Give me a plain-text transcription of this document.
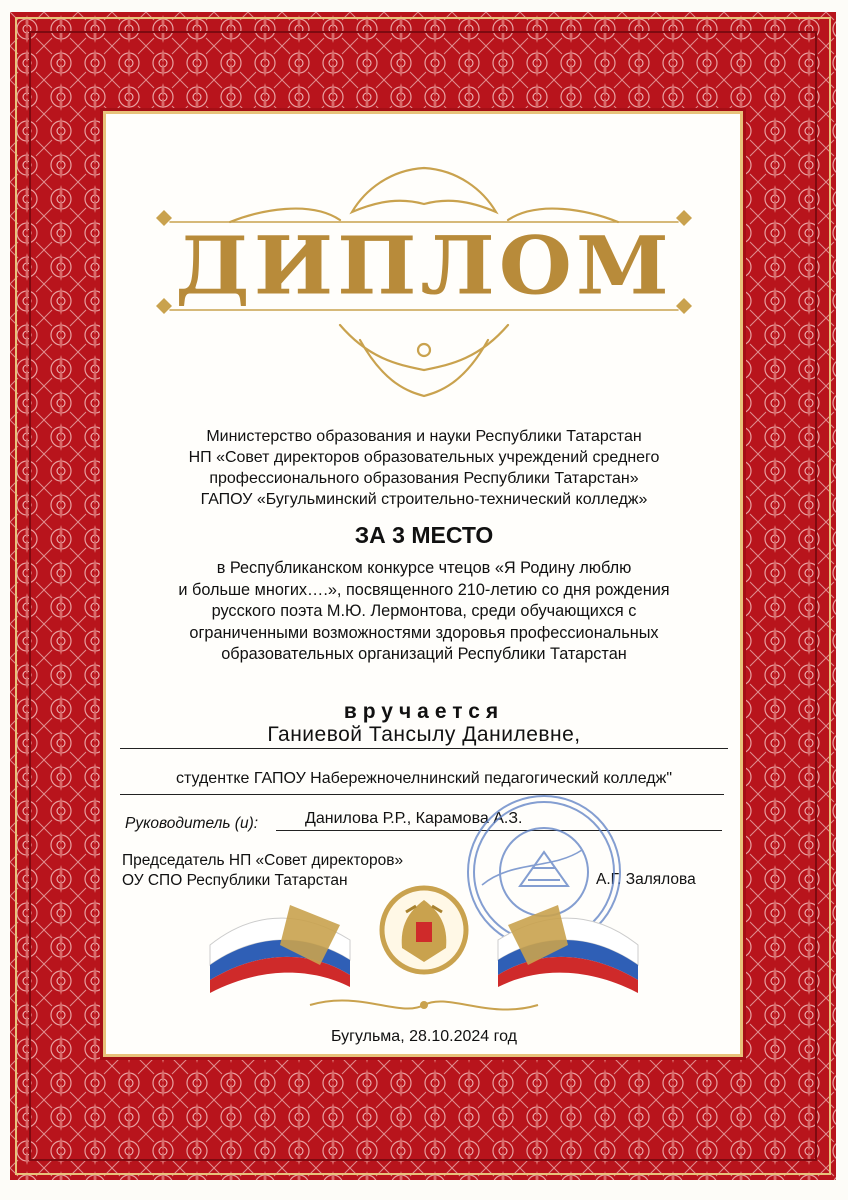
ДИПЛОМ
Министерство образования и науки Республики Татарстан
НП «Совет директоров образовательных учреждений среднего
профессионального образования Республики Татарстан»
ГАПОУ «Бугульминский строительно-технический колледж»
ЗА 3 МЕСТО
в Республиканском конкурсе чтецов «Я Родину люблю
и больше многих….», посвященного 210-летию со дня рождения
русского поэта М.Ю. Лермонтова, среди обучающихся с
ограниченными возможностями здоровья профессиональных
образовательных организаций Республики Татарстан
вручается
Ганиевой Тансылу Данилевне,
студентке ГАПОУ Набережночелнинский педагогический колледж"
Руководитель (и):	Данилова Р.Р., Карамова А.З.
Председатель НП «Совет директоров»
ОУ СПО Республики Татарстан	А.Г. Залялова
Бугульма, 28.10.2024 год
